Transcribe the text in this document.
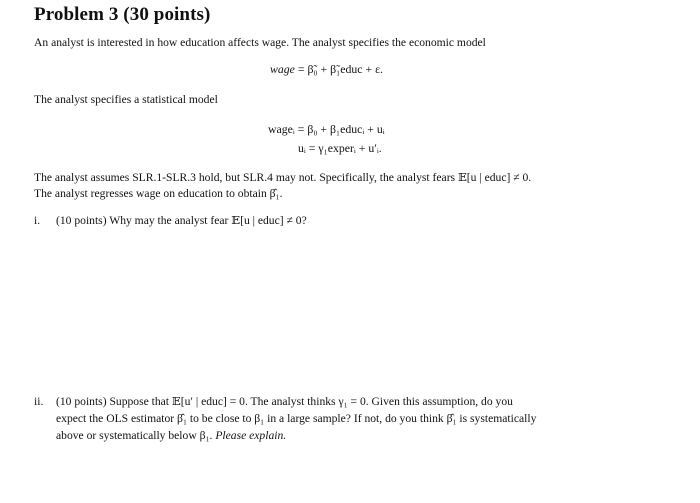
Problem 3 (30 points)
An analyst is interested in how education affects wage. The analyst specifies the economic model
wage = β̃₀ + β̃₁educ + ε.
The analyst specifies a statistical model
wageᵢ = β₀ + β₁educᵢ + uᵢ
uᵢ = γ₁experᵢ + u′ᵢ.
The analyst assumes SLR.1-SLR.3 hold, but SLR.4 may not. Specifically, the analyst fears 𝔼[u | educ] ≠ 0.
The analyst regresses wage on education to obtain β̂₁.
i. (10 points) Why may the analyst fear 𝔼[u | educ] ≠ 0?
ii. (10 points) Suppose that 𝔼[u′ | educ] = 0. The analyst thinks γ₁ = 0. Given this assumption, do you
expect the OLS estimator β̂₁ to be close to β₁ in a large sample? If not, do you think β̂₁ is systematically
above or systematically below β₁. Please explain.
